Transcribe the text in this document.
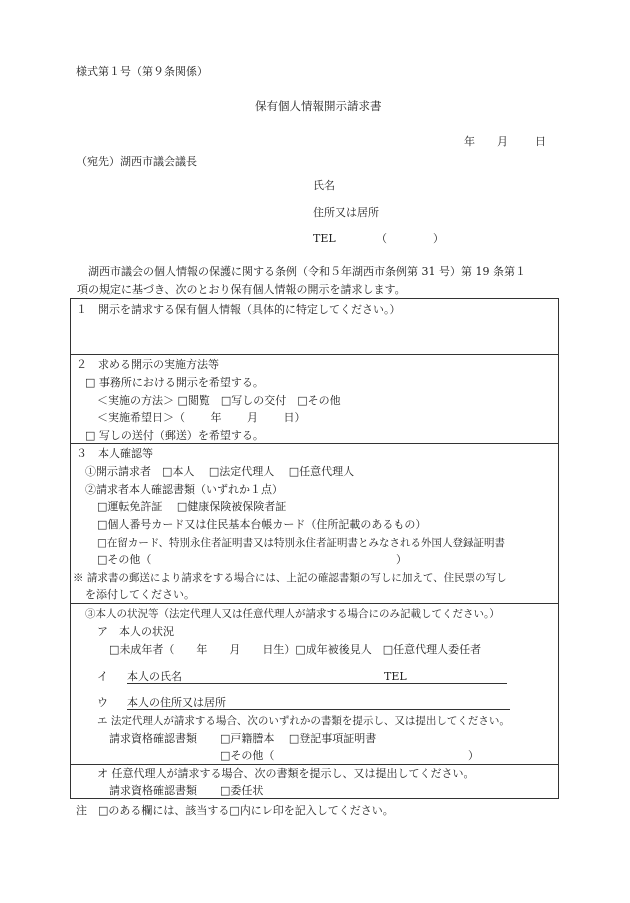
様式第１号（第９条関係）
保有個人情報開示請求書
年 月 日
（宛先）湖西市議会議長
氏名
住所又は居所
TEL	（	）
湖西市議会の個人情報の保護に関する条例（令和５年湖西市条例第 31 号）第 19 条第１
項の規定に基づき、次のとおり保有個人情報の開示を請求します。
１　開示を請求する保有個人情報（具体的に特定してください。）
２　求める開示の実施方法等
□ 事務所における開示を希望する。
＜実施の方法＞ □閲覧　□写しの交付　□その他
＜実施希望日＞（　　 年　　 月　　 日）
□ 写しの送付（郵送）を希望する。
３　本人確認等
①開示請求者　□本人　 □法定代理人　 □任意代理人
②請求者本人確認書類（いずれか１点）
□運転免許証　 □健康保険被保険者証
□個人番号カード又は住民基本台帳カード（住所記載のあるもの）
□在留カード、特別永住者証明書又は特別永住者証明書とみなされる外国人登録証明書
□その他（	）
※ 請求書の郵送により請求をする場合には、上記の確認書類の写しに加えて、住民票の写し
を添付してください。
③本人の状況等（法定代理人又は任意代理人が請求する場合にのみ記載してください。）
ア　本人の状況
□未成年者（　　年　　月　　日生）□成年被後見人　□任意代理人委任者
イ 本人の氏名	TEL
ウ 本人の住所又は居所
エ 法定代理人が請求する場合、次のいずれかの書類を提示し、又は提出してください。
請求資格確認書類 □戸籍謄本　 □登記事項証明書
□その他（	）
オ 任意代理人が請求する場合、次の書類を提示し、又は提出してください。
請求資格確認書類 □委任状
注　□のある欄には、該当する□内にレ印を記入してください。
